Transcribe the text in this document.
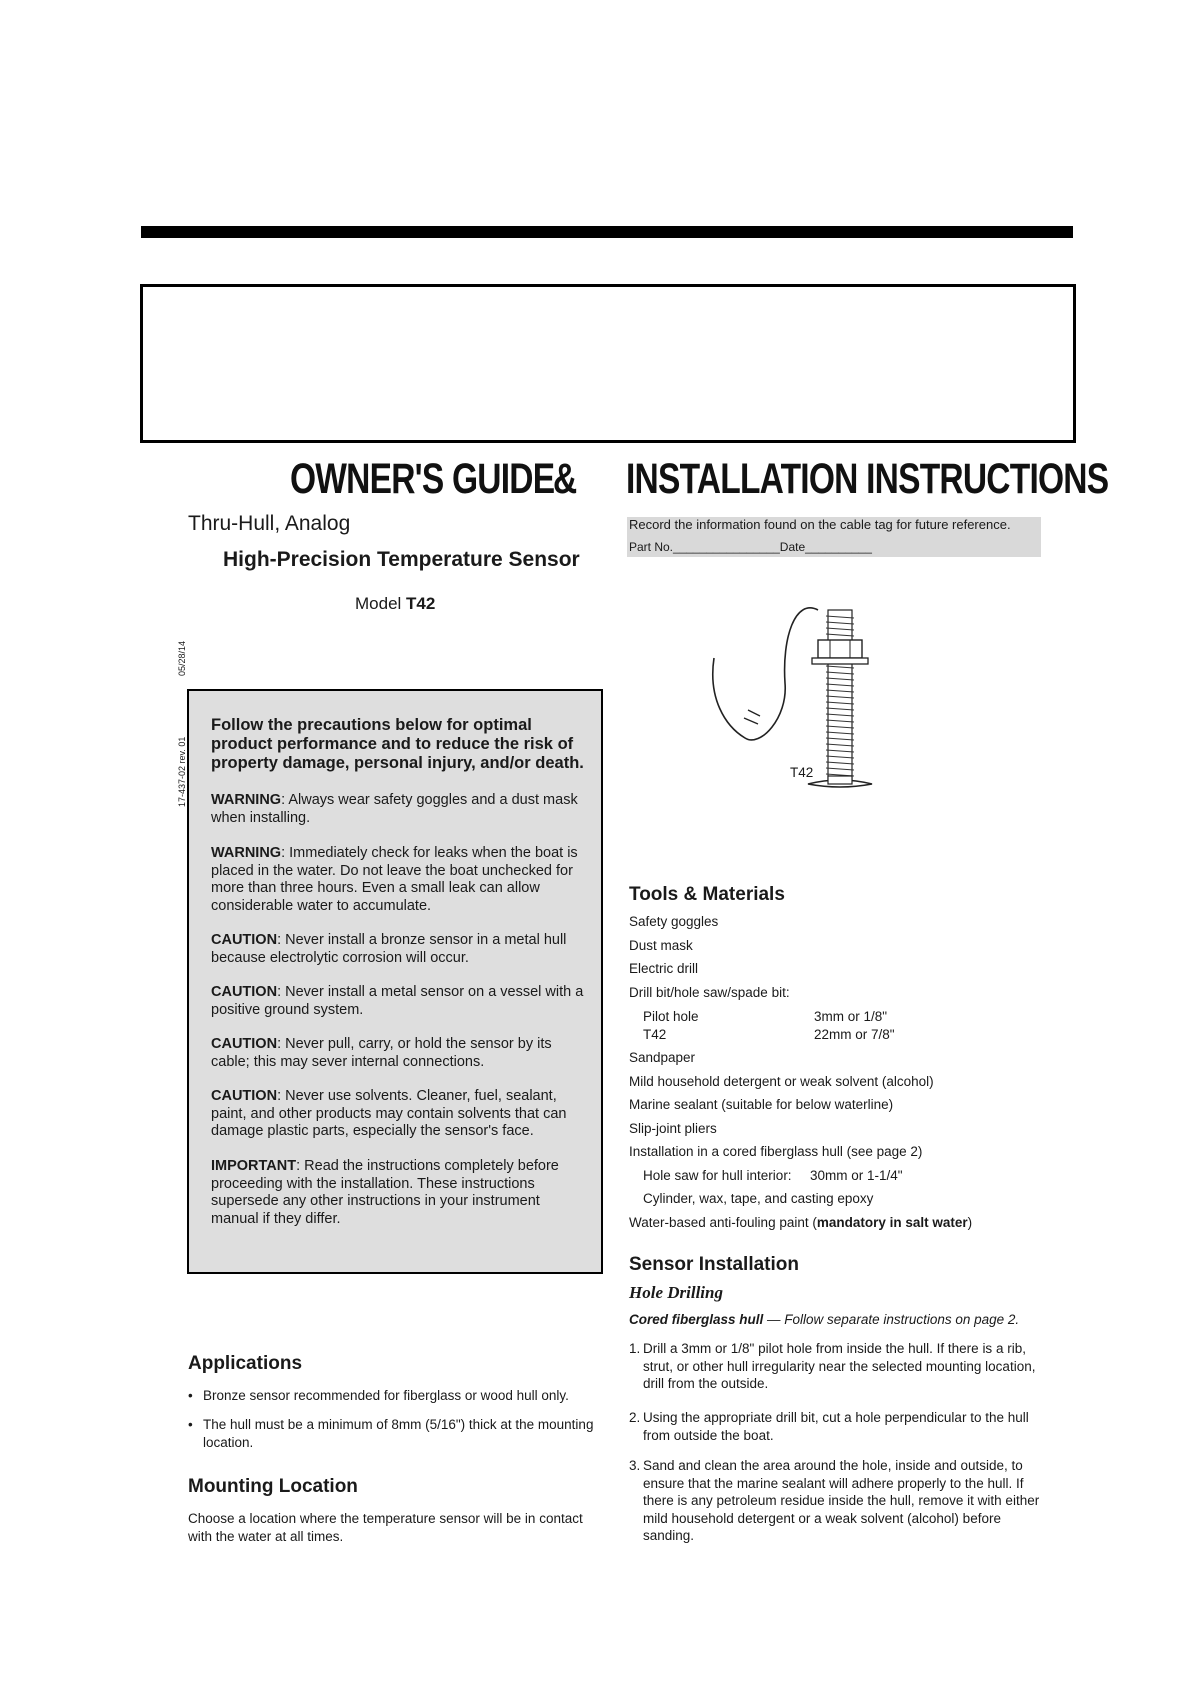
OWNER'S GUIDE
& INSTALLATION INSTRUCTIONS
Thru-Hull, Analog
High-Precision Temperature Sensor
Model T42
05/28/14
17-437-02 rev. 01
Record the information found on the cable tag for future reference.
Part No.________________Date__________
T42

Follow the precautions below for optimal product performance and to reduce the risk of property damage, personal injury, and/or death.

WARNING: Always wear safety goggles and a dust mask when installing.

WARNING: Immediately check for leaks when the boat is placed in the water. Do not leave the boat unchecked for more than three hours. Even a small leak can allow considerable water to accumulate.

CAUTION: Never install a bronze sensor in a metal hull because electrolytic corrosion will occur.

CAUTION: Never install a metal sensor on a vessel with a positive ground system.

CAUTION: Never pull, carry, or hold the sensor by its cable; this may sever internal connections.

CAUTION: Never use solvents. Cleaner, fuel, sealant, paint, and other products may contain solvents that can damage plastic parts, especially the sensor's face.

IMPORTANT: Read the instructions completely before proceeding with the installation. These instructions supersede any other instructions in your instrument manual if they differ.

Applications
• Bronze sensor recommended for fiberglass or wood hull only.
• The hull must be a minimum of 8mm (5/16") thick at the mounting location.
Mounting Location
Choose a location where the temperature sensor will be in contact with the water at all times.
Tools & Materials
Safety goggles
Dust mask
Electric drill
Drill bit/hole saw/spade bit:
Pilot hole	3mm or 1/8"
T42	22mm or 7/8"
Sandpaper
Mild household detergent or weak solvent (alcohol)
Marine sealant (suitable for below waterline)
Slip-joint pliers
Installation in a cored fiberglass hull (see page 2)
Hole saw for hull interior: 30mm or 1-1/4"
Cylinder, wax, tape, and casting epoxy
Water-based anti-fouling paint (mandatory in salt water)
Sensor Installation
Hole Drilling
Cored fiberglass hull — Follow separate instructions on page 2.
1. Drill a 3mm or 1/8" pilot hole from inside the hull. If there is a rib, strut, or other hull irregularity near the selected mounting location, drill from the outside.
2. Using the appropriate drill bit, cut a hole perpendicular to the hull from outside the boat.
3. Sand and clean the area around the hole, inside and outside, to ensure that the marine sealant will adhere properly to the hull. If there is any petroleum residue inside the hull, remove it with either mild household detergent or a weak solvent (alcohol) before sanding.
